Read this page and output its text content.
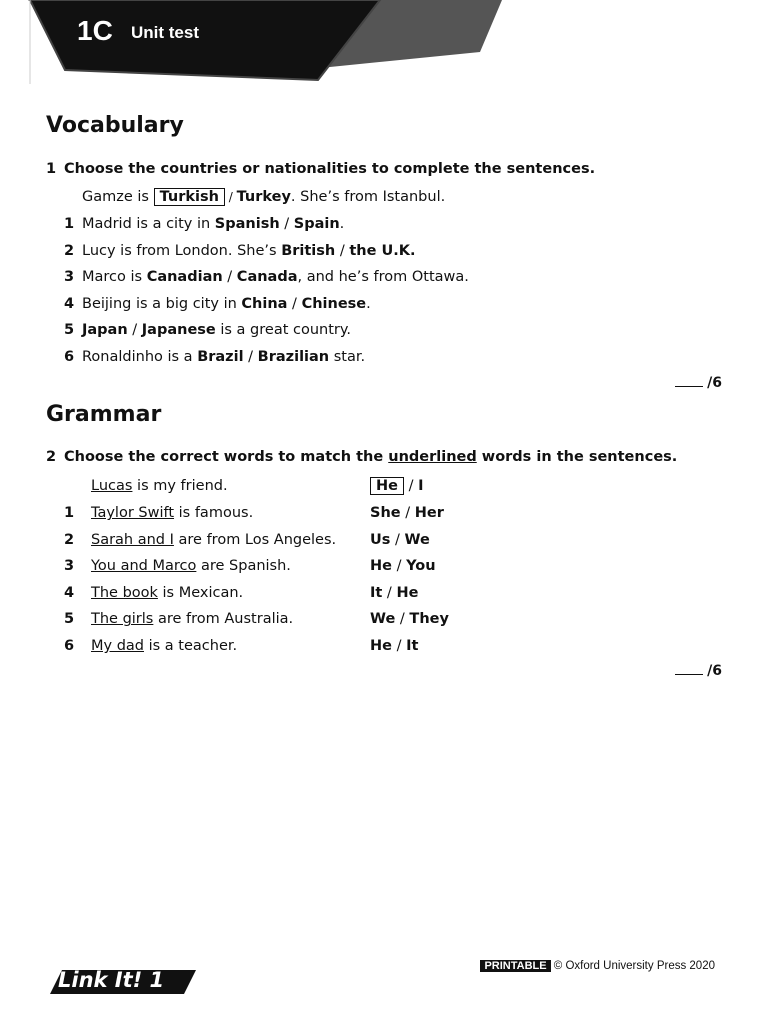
1C Unit test
Vocabulary
1 Choose the countries or nationalities to complete the sentences.
Gamze is Turkish / Turkey. She’s from Istanbul.
1 Madrid is a city in Spanish / Spain.
2 Lucy is from London. She’s British / the U.K.
3 Marco is Canadian / Canada, and he’s from Ottawa.
4 Beijing is a big city in China / Chinese.
5 Japan / Japanese is a great country.
6 Ronaldinho is a Brazil / Brazilian star.
/6
Grammar
2 Choose the correct words to match the underlined words in the sentences.
Lucas is my friend.	He / I
1 Taylor Swift is famous.	She / Her
2 Sarah and I are from Los Angeles. Us / We
3 You and Marco are Spanish.	He / You
4 The book is Mexican.	It / He
5 The girls are from Australia.	We / They
6 My dad is a teacher.	He / It
/6
PRINTABLE © Oxford University Press 2020
Link It! 1
